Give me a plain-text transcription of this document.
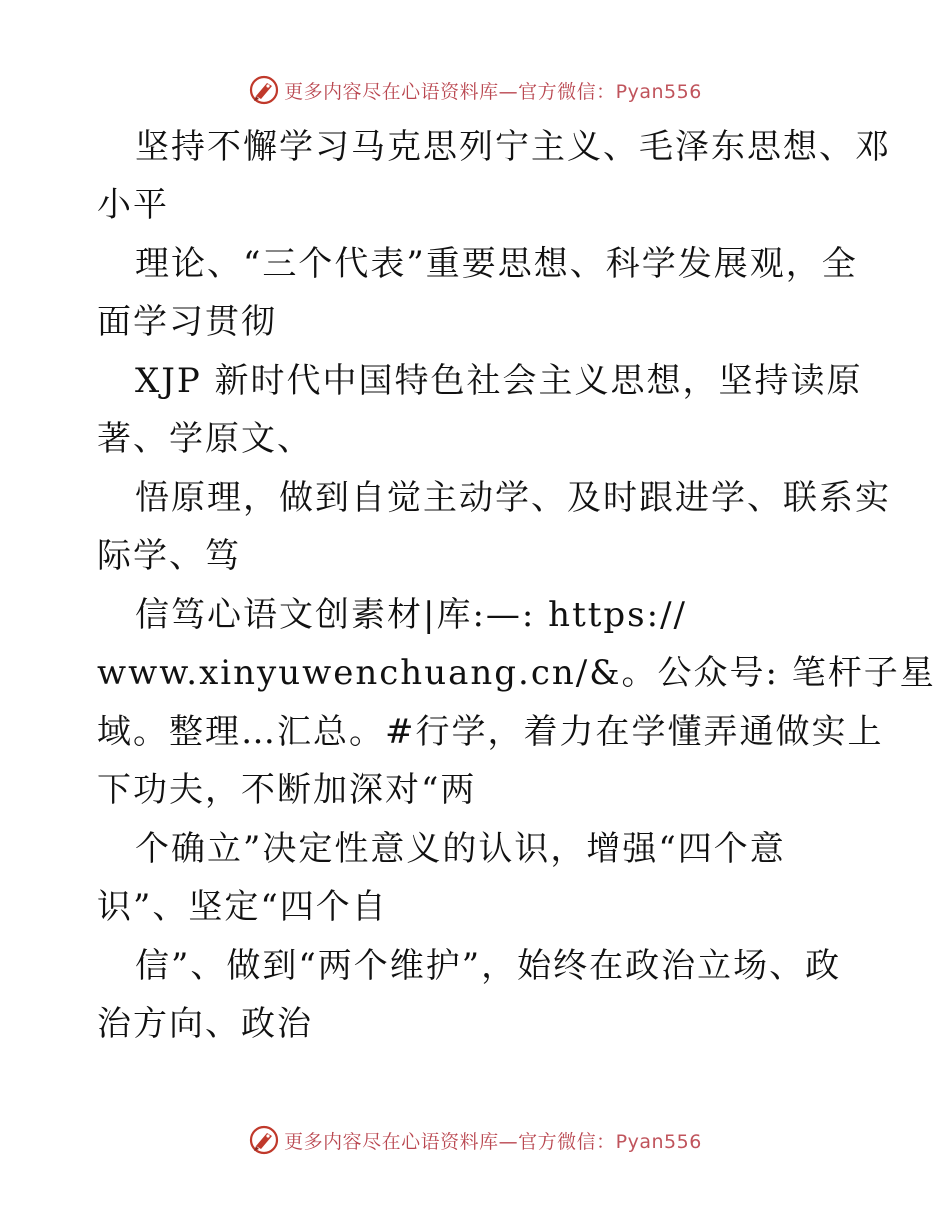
更多内容尽在心语资料库—官方微信：Pyan556
坚持不懈学习马克思列宁主义、毛泽东思想、邓
小平
理论、“三个代表”重要思想、科学发展观，全
面学习贯彻
XJP 新时代中国特色社会主义思想，坚持读原
著、学原文、
悟原理，做到自觉主动学、及时跟进学、联系实
际学、笃
信笃心语文创素材|库:—: https://
www.xinyuwenchuang.cn/&。公众号: 笔杆子星
域。整理…汇总。#行学，着力在学懂弄通做实上
下功夫，不断加深对“两
个确立”决定性意义的认识，增强“四个意
识”、坚定“四个自
信”、做到“两个维护”，始终在政治立场、政
治方向、政治
更多内容尽在心语资料库—官方微信：Pyan556
